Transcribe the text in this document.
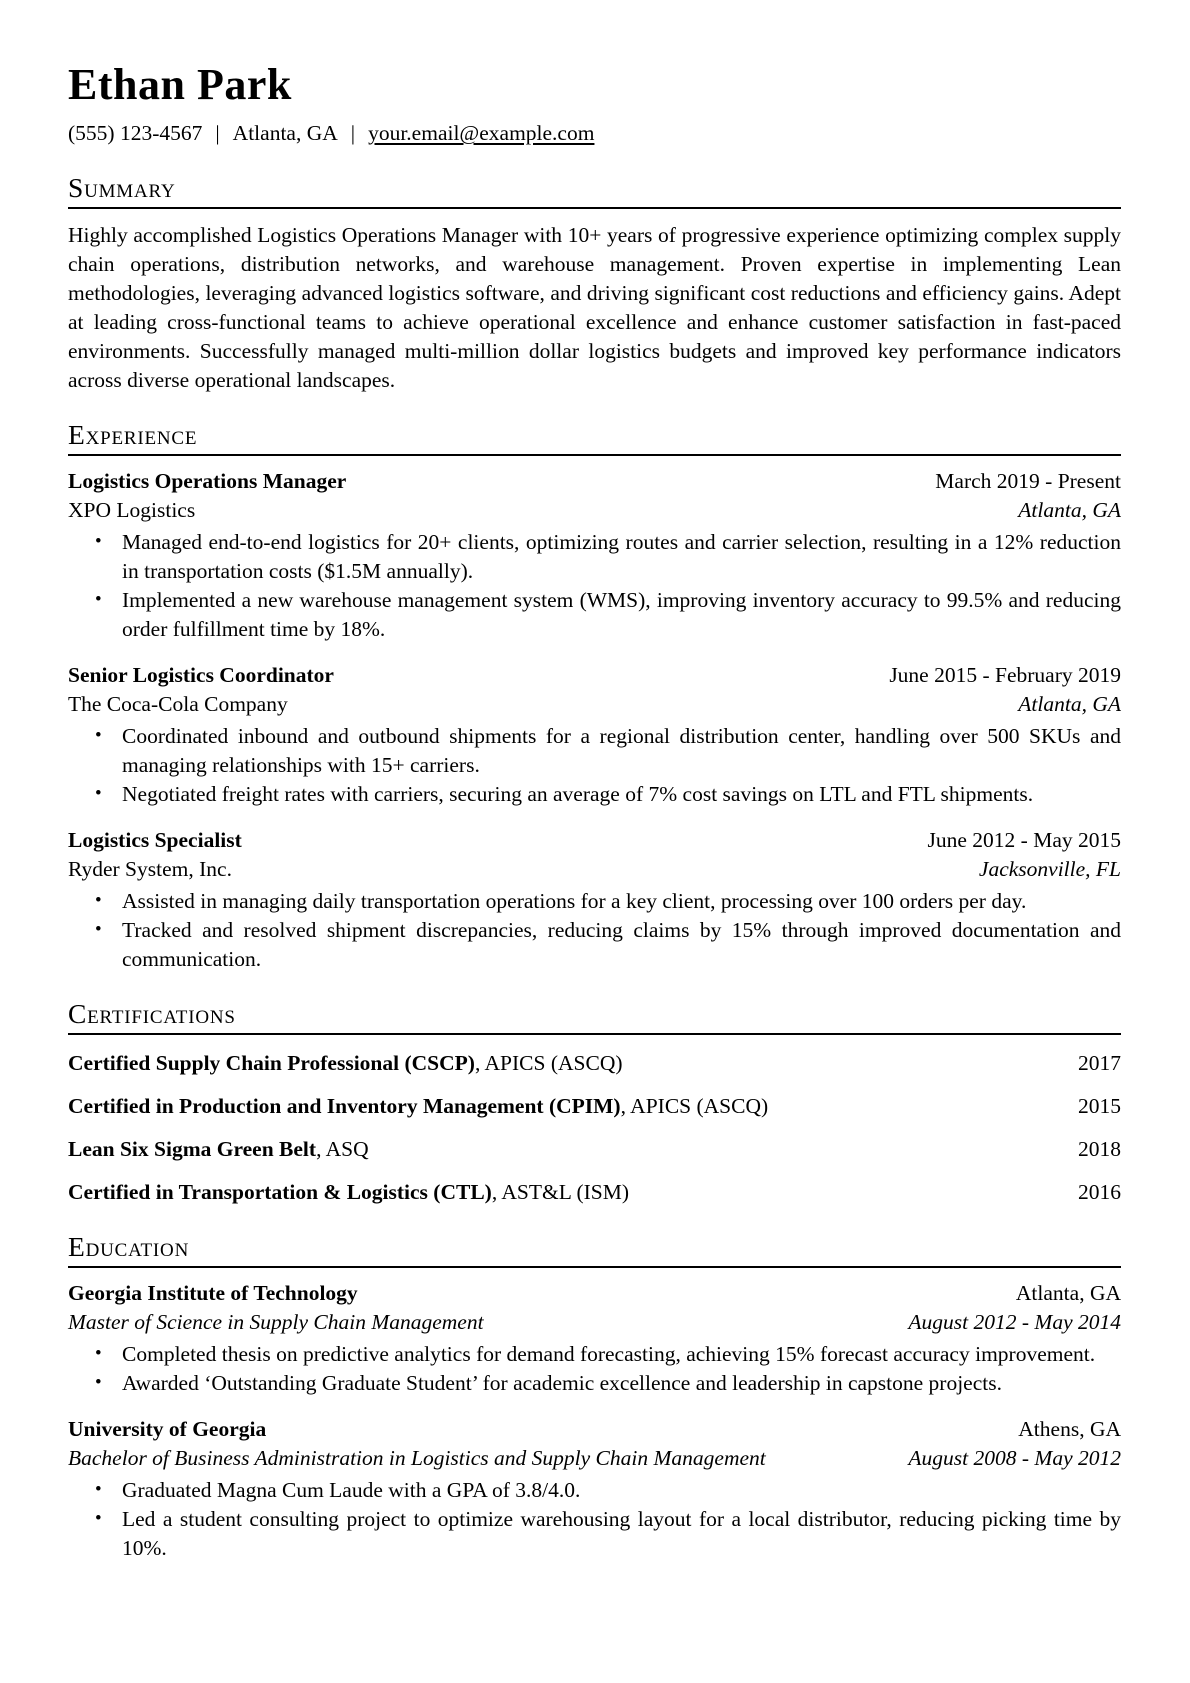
Ethan Park
(555) 123-4567 | Atlanta, GA | your.email@example.com
Summary

Highly accomplished Logistics Operations Manager with 10+ years of progressive experience optimizing complex supply chain operations, distribution networks, and warehouse management. Proven expertise in implementing Lean methodologies, leveraging advanced logistics software, and driving significant cost reductions and efficiency gains. Adept at leading cross-functional teams to achieve operational excellence and enhance customer satisfaction in fast-paced environments. Successfully managed multi-million dollar logistics budgets and improved key performance indicators across diverse operational landscapes.

Experience
Logistics Operations Manager	March 2019 - Present
XPO Logistics	Atlanta, GA
• Managed end-to-end logistics for 20+ clients, optimizing routes and carrier selection, resulting in a 12% reduction in transportation costs ($1.5M annually).
• Implemented a new warehouse management system (WMS), improving inventory accuracy to 99.5% and reducing order fulfillment time by 18%.
Senior Logistics Coordinator	June 2015 - February 2019
The Coca-Cola Company	Atlanta, GA
• Coordinated inbound and outbound shipments for a regional distribution center, handling over 500 SKUs and managing relationships with 15+ carriers.
• Negotiated freight rates with carriers, securing an average of 7% cost savings on LTL and FTL shipments.
Logistics Specialist	June 2012 - May 2015
Ryder System, Inc.	Jacksonville, FL
• Assisted in managing daily transportation operations for a key client, processing over 100 orders per day.
• Tracked and resolved shipment discrepancies, reducing claims by 15% through improved documentation and communication.
Certifications
Certified Supply Chain Professional (CSCP), APICS (ASCQ)	2017
Certified in Production and Inventory Management (CPIM), APICS (ASCQ)	2015
Lean Six Sigma Green Belt, ASQ	2018
Certified in Transportation & Logistics (CTL), AST&L (ISM)	2016
Education
Georgia Institute of Technology	Atlanta, GA
Master of Science in Supply Chain Management	August 2012 - May 2014
• Completed thesis on predictive analytics for demand forecasting, achieving 15% forecast accuracy improvement.
• Awarded ‘Outstanding Graduate Student’ for academic excellence and leadership in capstone projects.
University of Georgia	Athens, GA
Bachelor of Business Administration in Logistics and Supply Chain Management	August 2008 - May 2012
• Graduated Magna Cum Laude with a GPA of 3.8/4.0.
• Led a student consulting project to optimize warehousing layout for a local distributor, reducing picking time by 10%.
